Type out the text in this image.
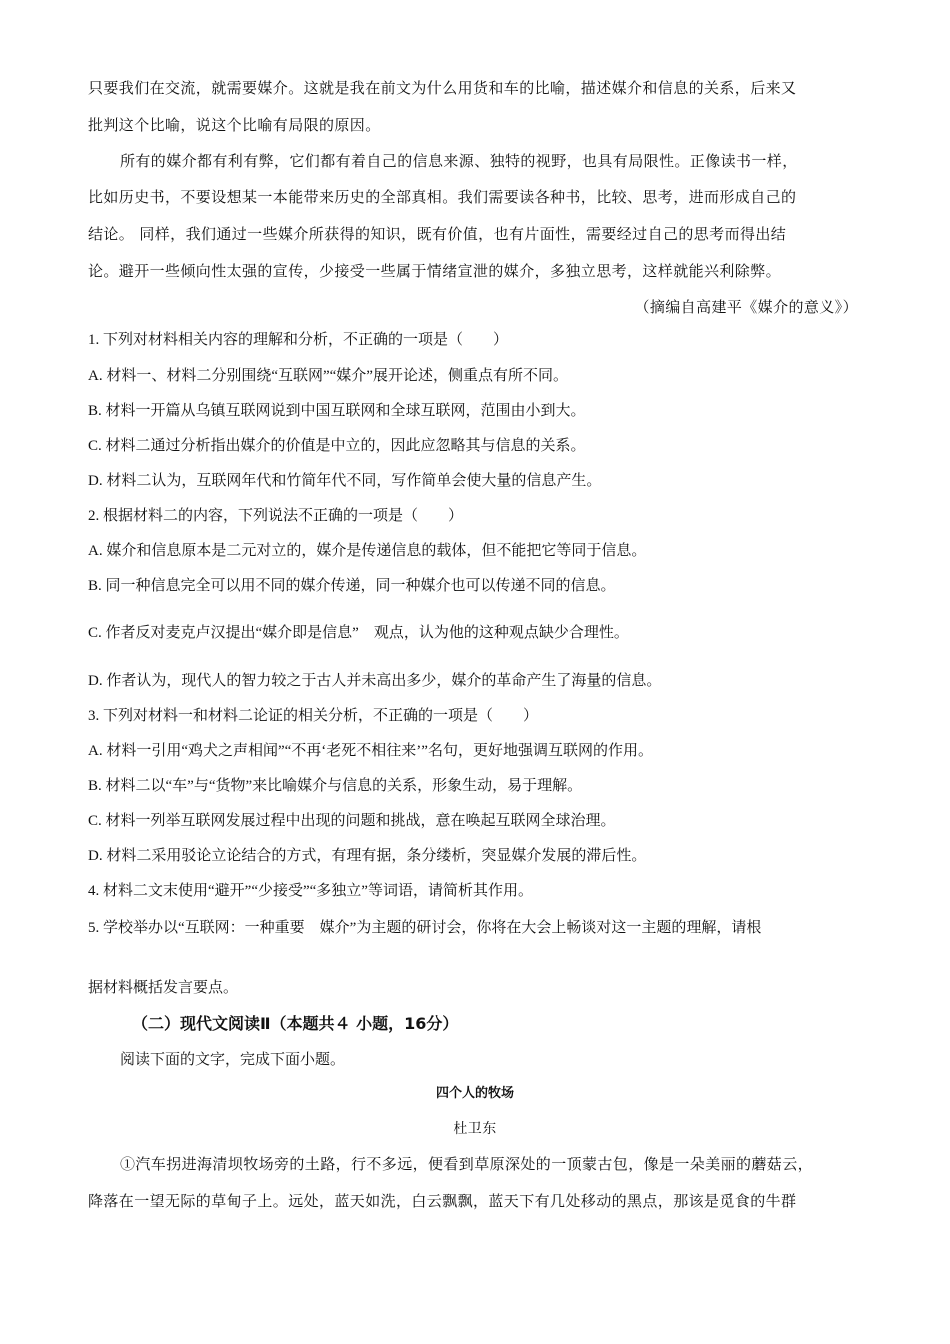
只要我们在交流，就需要媒介。这就是我在前文为什么用货和车的比喻，描述媒介和信息的关系，后来又
批判这个比喻，说这个比喻有局限的原因。
所有的媒介都有利有弊，它们都有着自己的信息来源、独特的视野，也具有局限性。正像读书一样，
比如历史书，不要设想某一本能带来历史的全部真相。我们需要读各种书，比较、思考，进而形成自己的
结论。 同样，我们通过一些媒介所获得的知识，既有价值，也有片面性，需要经过自己的思考而得出结
论。避开一些倾向性太强的宣传，少接受一些属于情绪宣泄的媒介，多独立思考，这样就能兴利除弊。
（摘编自高建平《媒介的意义》）
1. 下列对材料相关内容的理解和分析，不正确的一项是（　　）
A. 材料一、材料二分别围绕“互联网”“媒介”展开论述，侧重点有所不同。
B. 材料一开篇从乌镇互联网说到中国互联网和全球互联网，范围由小到大。
C. 材料二通过分析指出媒介的价值是中立的，因此应忽略其与信息的关系。
D. 材料二认为，互联网年代和竹简年代不同，写作简单会使大量的信息产生。
2. 根据材料二的内容，下列说法不正确的一项是（　　）
A. 媒介和信息原本是二元对立的，媒介是传递信息的载体，但不能把它等同于信息。
B. 同一种信息完全可以用不同的媒介传递，同一种媒介也可以传递不同的信息。
C. 作者反对麦克卢汉提出“媒介即是信息”　观点，认为他的这种观点缺少合理性。
D. 作者认为，现代人的智力较之于古人并未高出多少，媒介的革命产生了海量的信息。
3. 下列对材料一和材料二论证的相关分析，不正确的一项是（　　）
A. 材料一引用“鸡犬之声相闻”“不再‘老死不相往来’”名句，更好地强调互联网的作用。
B. 材料二以“车”与“货物”来比喻媒介与信息的关系，形象生动，易于理解。
C. 材料一列举互联网发展过程中出现的问题和挑战，意在唤起互联网全球治理。
D. 材料二采用驳论立论结合的方式，有理有据，条分缕析，突显媒介发展的滞后性。
4. 材料二文末使用“避开”“少接受”“多独立”等词语，请简析其作用。
5. 学校举办以“互联网：一种重要　媒介”为主题的研讨会，你将在大会上畅谈对这一主题的理解，请根
据材料概括发言要点。
（二）现代文阅读Ⅱ（本题共４ 小题，16分）
阅读下面的文字，完成下面小题。
四个人的牧场
杜卫东
①汽车拐进海清坝牧场旁的土路，行不多远，便看到草原深处的一顶蒙古包，像是一朵美丽的蘑菇云，
降落在一望无际的草甸子上。远处，蓝天如洗，白云飘飘，蓝天下有几处移动的黑点，那该是觅食的牛群
